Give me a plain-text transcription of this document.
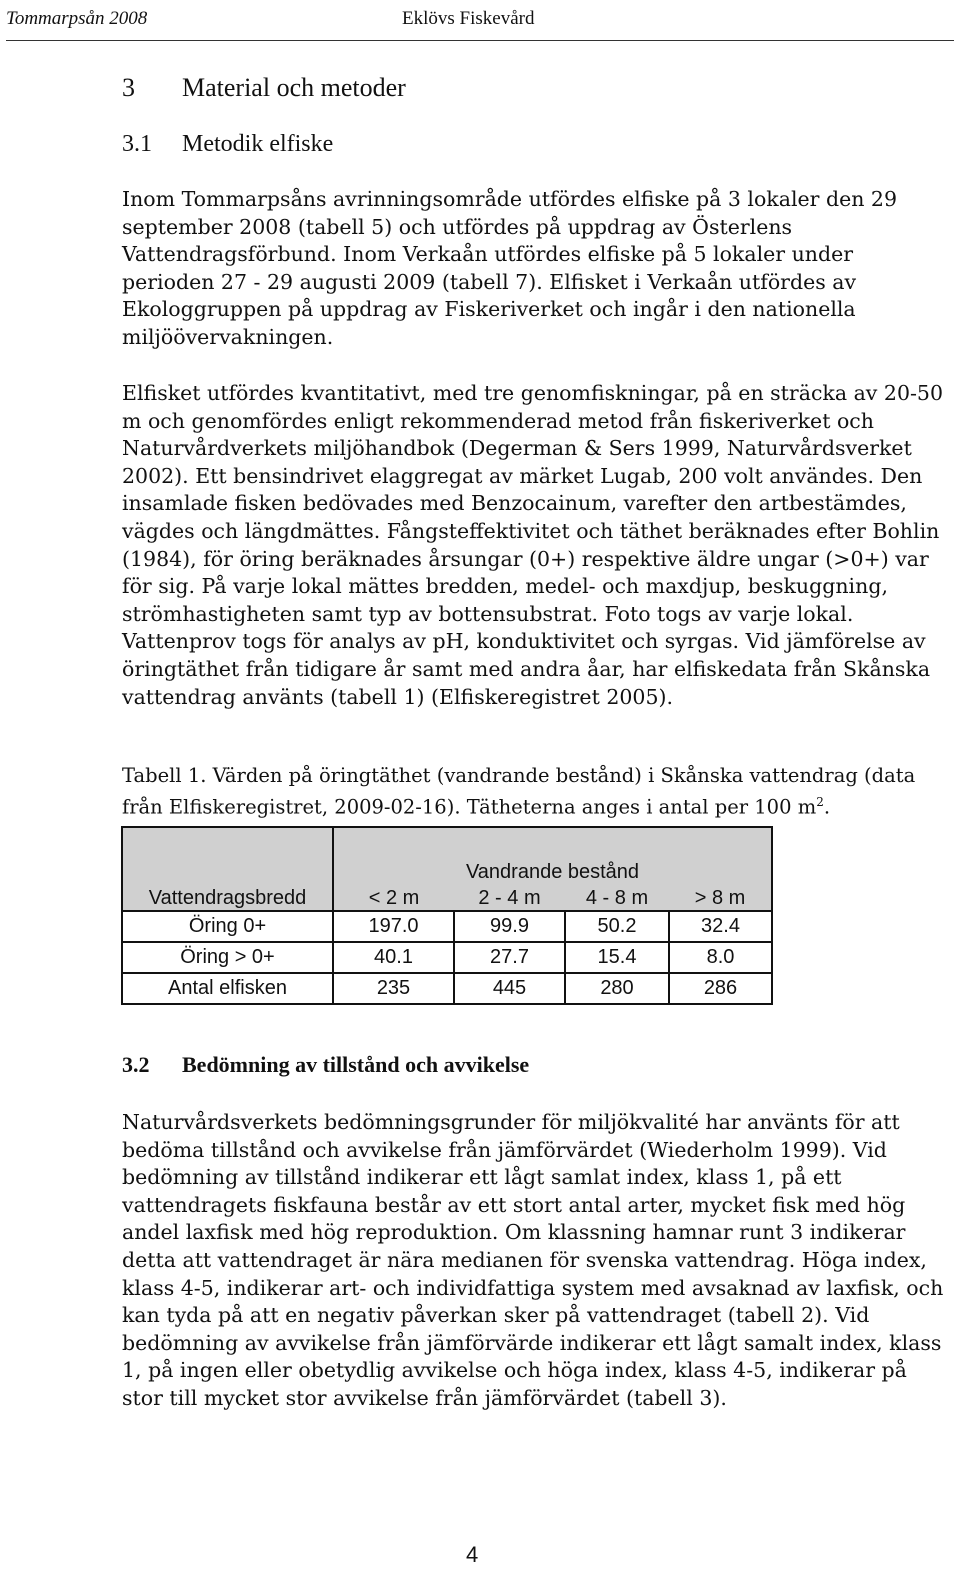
Tommarpsån 2008	Eklövs Fiskevård
3 Material och metoder
3.1 Metodik elfiske

Inom Tommarpsåns avrinningsområde utfördes elfiske på 3 lokaler den 29 september 2008 (tabell 5) och utfördes på uppdrag av Österlens Vattendragsförbund. Inom Verkaån utfördes elfiske på 5 lokaler under perioden 27 - 29 augusti 2009 (tabell 7). Elfisket i Verkaån utfördes av Ekologgruppen på uppdrag av Fiskeriverket och ingår i den nationella miljöövervakningen.

Elfisket utfördes kvantitativt, med tre genomfiskningar, på en sträcka av 20-50 m och genomfördes enligt rekommenderad metod från fiskeriverket och Naturvårdverkets miljöhandbok (Degerman & Sers 1999, Naturvårdsverket 2002). Ett bensindrivet elaggregat av märket Lugab, 200 volt användes. Den insamlade fisken bedövades med Benzocainum, varefter den artbestämdes, vägdes och längdmättes. Fångsteffektivitet och täthet beräknades efter Bohlin (1984), för öring beräknades årsungar (0+) respektive äldre ungar (>0+) var för sig. På varje lokal mättes bredden, medel- och maxdjup, beskuggning, strömhastigheten samt typ av bottensubstrat. Foto togs av varje lokal. Vattenprov togs för analys av pH, konduktivitet och syrgas. Vid jämförelse av öringtäthet från tidigare år samt med andra åar, har elfiskedata från Skånska vattendrag använts (tabell 1) (Elfiskeregistret 2005).

Tabell 1. Värden på öringtäthet (vandrande bestånd) i Skånska vattendrag (data från Elfiskeregistret, 2009-02-16). Tätheterna anges i antal per 100 $m^2$.
	Vandrande bestånd			
Vattendragsbredd	< 2 m	2 - 4 m	4 - 8 m	> 8 m
Öring 0+	197.0	99.9	50.2	32.4
Öring > 0+	40.1	27.7	15.4	8.0
Antal elfisken	235	445	280	286
3.2 Bedömning av tillstånd och avvikelse

Naturvårdsverkets bedömningsgrunder för miljökvalité har använts för att bedöma tillstånd och avvikelse från jämförvärdet (Wiederholm 1999). Vid bedömning av tillstånd indikerar ett lågt samlat index, klass 1, på ett vattendragets fiskfauna består av ett stort antal arter, mycket fisk med hög andel laxfisk med hög reproduktion. Om klassning hamnar runt 3 indikerar detta att vattendraget är nära medianen för svenska vattendrag. Höga index, klass 4-5, indikerar art- och individfattiga system med avsaknad av laxfisk, och kan tyda på att en negativ påverkan sker på vattendraget (tabell 2). Vid bedömning av avvikelse från jämförvärde indikerar ett lågt samalt index, klass 1, på ingen eller obetydlig avvikelse och höga index, klass 4-5, indikerar på stor till mycket stor avvikelse från jämförvärdet (tabell 3).

4
